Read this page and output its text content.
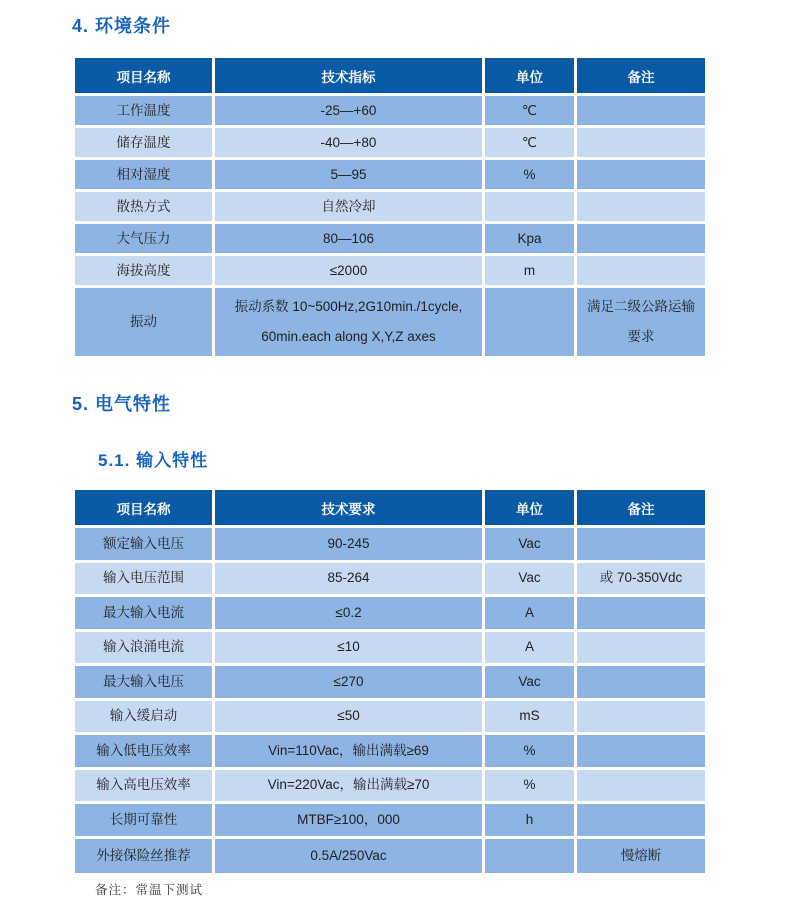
4. 环境条件
项目名称	技术指标	单位	备注
工作温度	-25—+60	℃	
储存温度	-40—+80	℃	
相对湿度	5—95	%	
散热方式	自然冷却		
大气压力	80—106	Kpa	
海拔高度	≤2000	m	
振动	振动系数 10~500Hz,2G10min./1cycle, 60min.each along X,Y,Z axes		满足二级公路运输要求
5. 电气特性
5.1. 输入特性
项目名称	技术要求	单位	备注
额定输入电压	90-245	Vac	
输入电压范围	85-264	Vac	或 70-350Vdc
最大输入电流	≤0.2	A	
输入浪涌电流	≤10	A	
最大输入电压	≤270	Vac	
输入缓启动	≤50	mS	
输入低电压效率	Vin=110Vac，输出满载≥69	%	
输入高电压效率	Vin=220Vac，输出满载≥70	%	
长期可靠性	MTBF≥100，000	h	
外接保险丝推荐	0.5A/250Vac		慢熔断

备注：常温下测试
